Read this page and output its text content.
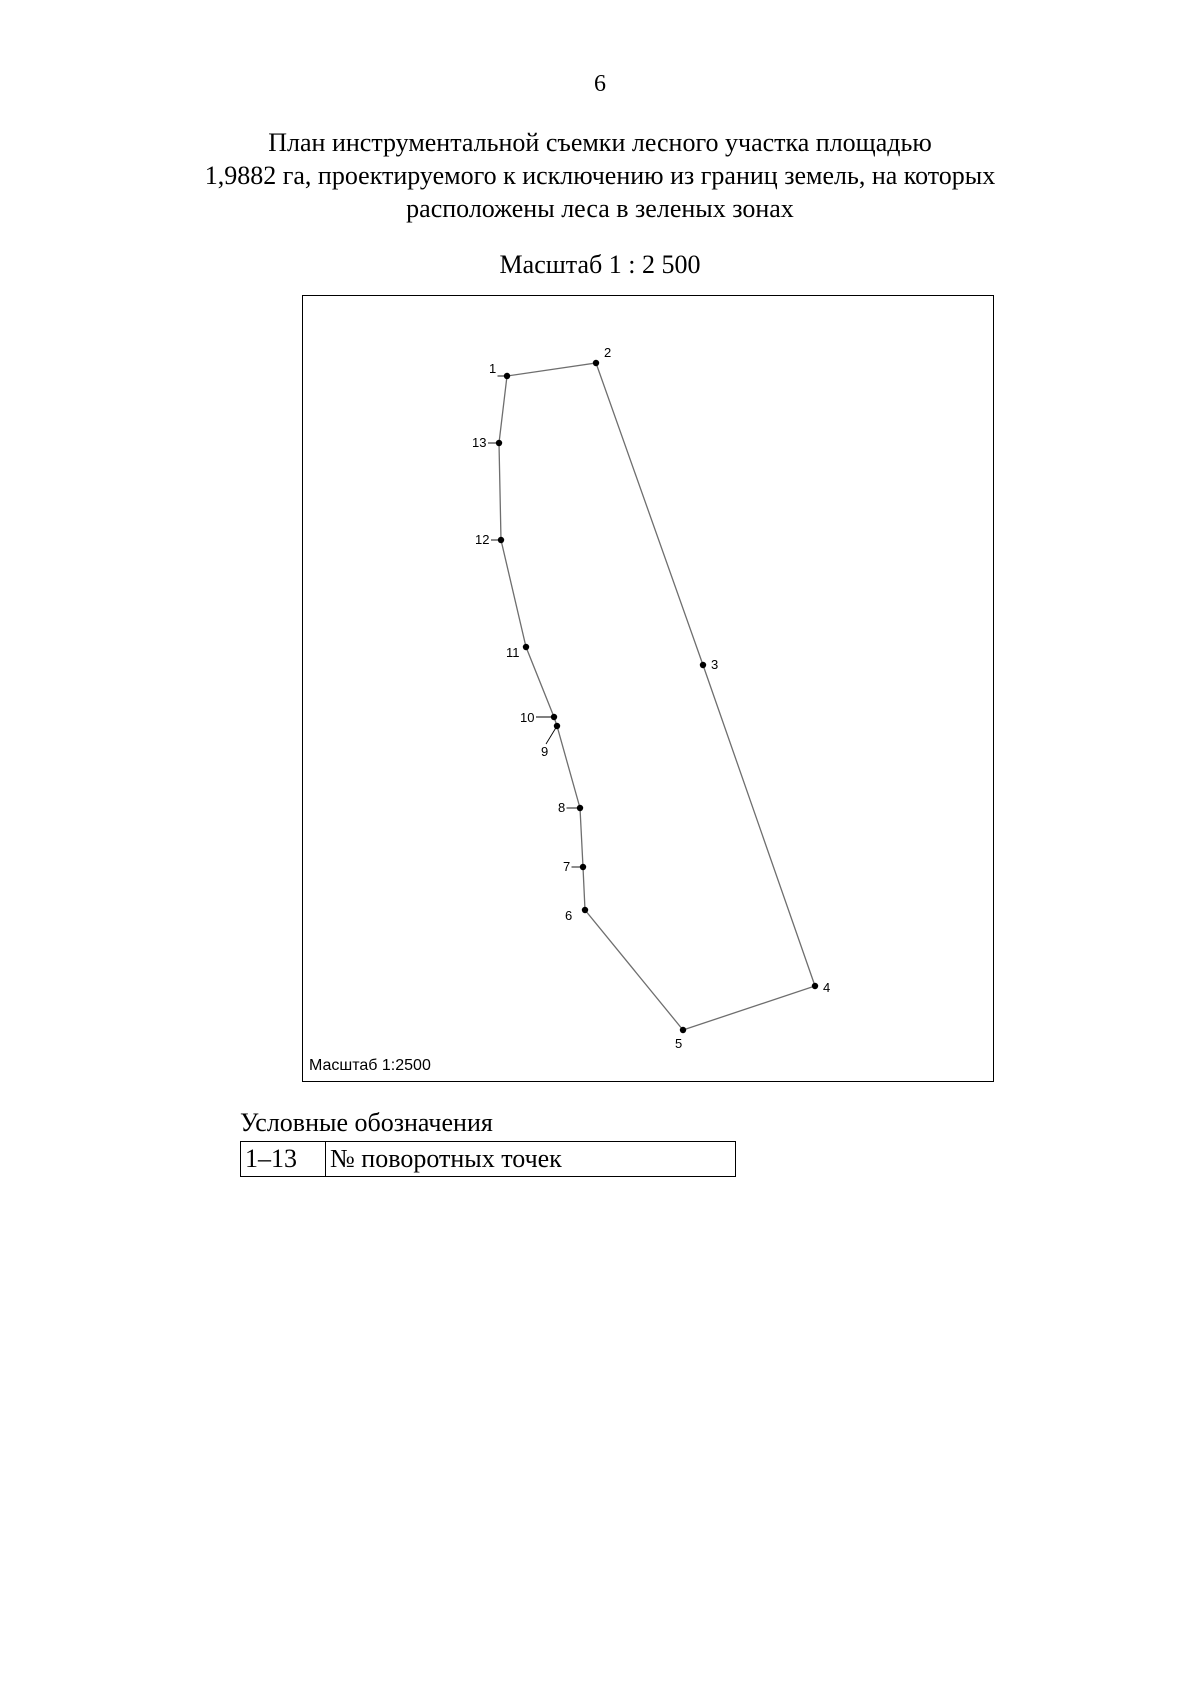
6
План инструментальной съемки лесного участка площадью
1,9882 га, проектируемого к исключению из границ земель, на которых
расположены леса в зеленых зонах
Масштаб 1 : 2 500
1
2
3
4
5
6
7
8
9
10
11
12
13
Масштаб 1:2500
Условные обозначения
1–13	№ поворотных точек
